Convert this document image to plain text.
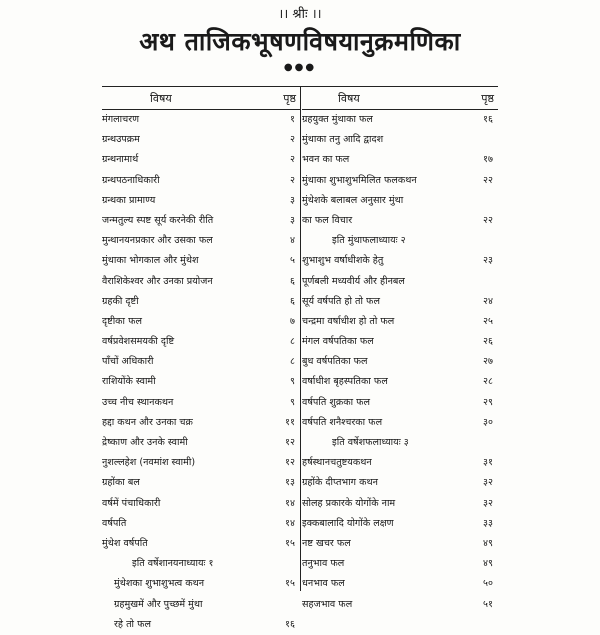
।। श्रीः ।।
अथ ताजिकभूषणविषयानुक्रमणिका
●●●
विषय	पृष्ठ
मंगलाचरण	१
ग्रन्थउपक्रम	२
ग्रन्थनामार्थ	२
ग्रन्थपठनाधिकारी	२
ग्रन्थका प्रामाण्य	३
जन्मतुल्य स्पष्ट सूर्य करनेकी रीति	३
मुन्थानयनप्रकार और उसका फल	४
मुंथाका भोगकाल और मुंथेश	५
वैराशिकेश्वर और उनका प्रयोजन	६
ग्रहकी दृष्टी	६
दृष्टीका फल	७
वर्षप्रवेशसमयकी दृष्टि	८
पाँचों अधिकारी	८
राशियोंके स्वामी	९
उच्च नीच स्थानकथन	९
हद्दा कथन और उनका चक्र	११
द्रेष्काण और उनके स्वामी	१२
नुशल्लहेश (नवमांश स्वामी)	१२
ग्रहोंका बल	१३
वर्षमें पंचाधिकारी	१४
वर्षपति	१४
मुंथेश वर्षपति	१५
इति वर्षेशानयनाध्यायः १
मुंथेशका शुभाशुभत्व कथन	१५
ग्रहमुखमें और पुच्छमें मुंथा
रहे तो फल	१६
विषय	पृष्ठ
ग्रहयुक्त मुंथाका फल	१६
मुंथाका तनु आदि द्वादश
भवन का फल	१७
मुंथाका शुभाशुभमिलित फलकथन	२२
मुंथेशके बलाबल अनुसार मुंथा
का फल विचार	२२
इति मुंथाफलाध्यायः २
शुभाशुभ वर्षाधीशके हेतु	२३
पूर्णबली मध्यवीर्य और हीनबल
सूर्य वर्षपति हो तो फल	२४
चन्द्रमा वर्षाधीश हो तो फल	२५
मंगल वर्षपतिका फल	२६
बुध वर्षपतिका फल	२७
वर्षाधीश बृहस्पतिका फल	२८
वर्षपति शुक्रका फल	२९
वर्षपति शनैश्चरका फल	३०
इति वर्षेशफलाध्यायः ३
हर्षस्थानचतुष्टयकथन	३१
ग्रहोंके दीप्तभाग कथन	३२
सोलह प्रकारके योगोंके नाम	३२
इक्कबालादि योगोंके लक्षण	३३
नष्ट खचर फल	४९
तनुभाव फल	४९
धनभाव फल	५०
सहजभाव फल	५१
